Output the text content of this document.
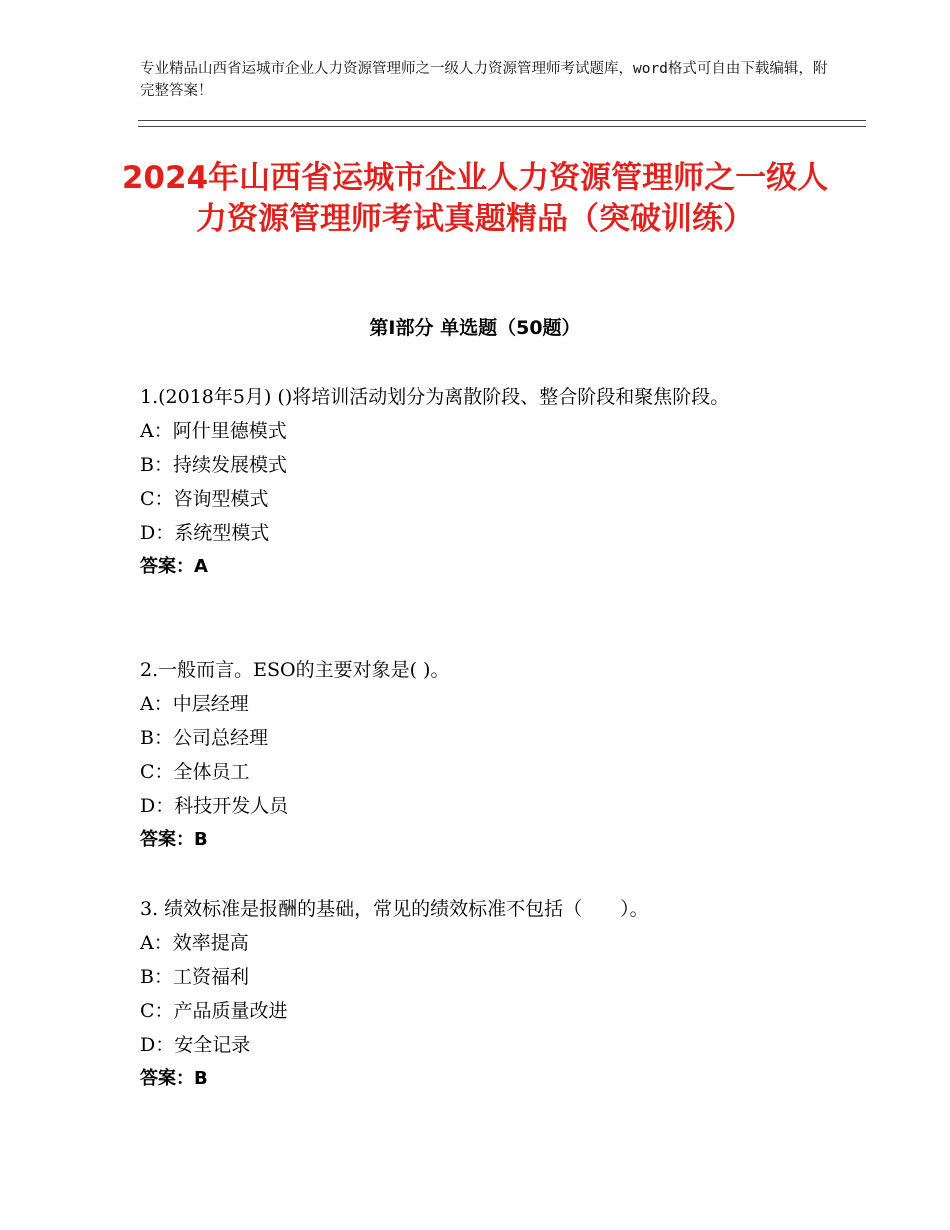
专业精品山西省运城市企业人力资源管理师之一级人力资源管理师考试题库，word格式可自由下载编辑，附完整答案！
2024年山西省运城市企业人力资源管理师之一级人力资源管理师考试真题精品（突破训练）
第Ⅰ部分 单选题（50题）
1.(2018年5月) ()将培训活动划分为离散阶段、整合阶段和聚焦阶段。
A：阿什里德模式
B：持续发展模式
C：咨询型模式
D：系统型模式
答案：A
2.一般而言。ESO的主要对象是( )。
A：中层经理
B：公司总经理
C：全体员工
D：科技开发人员
答案：B
3. 绩效标准是报酬的基础，常见的绩效标准不包括（　　）。
A：效率提高
B：工资福利
C：产品质量改进
D：安全记录
答案：B
